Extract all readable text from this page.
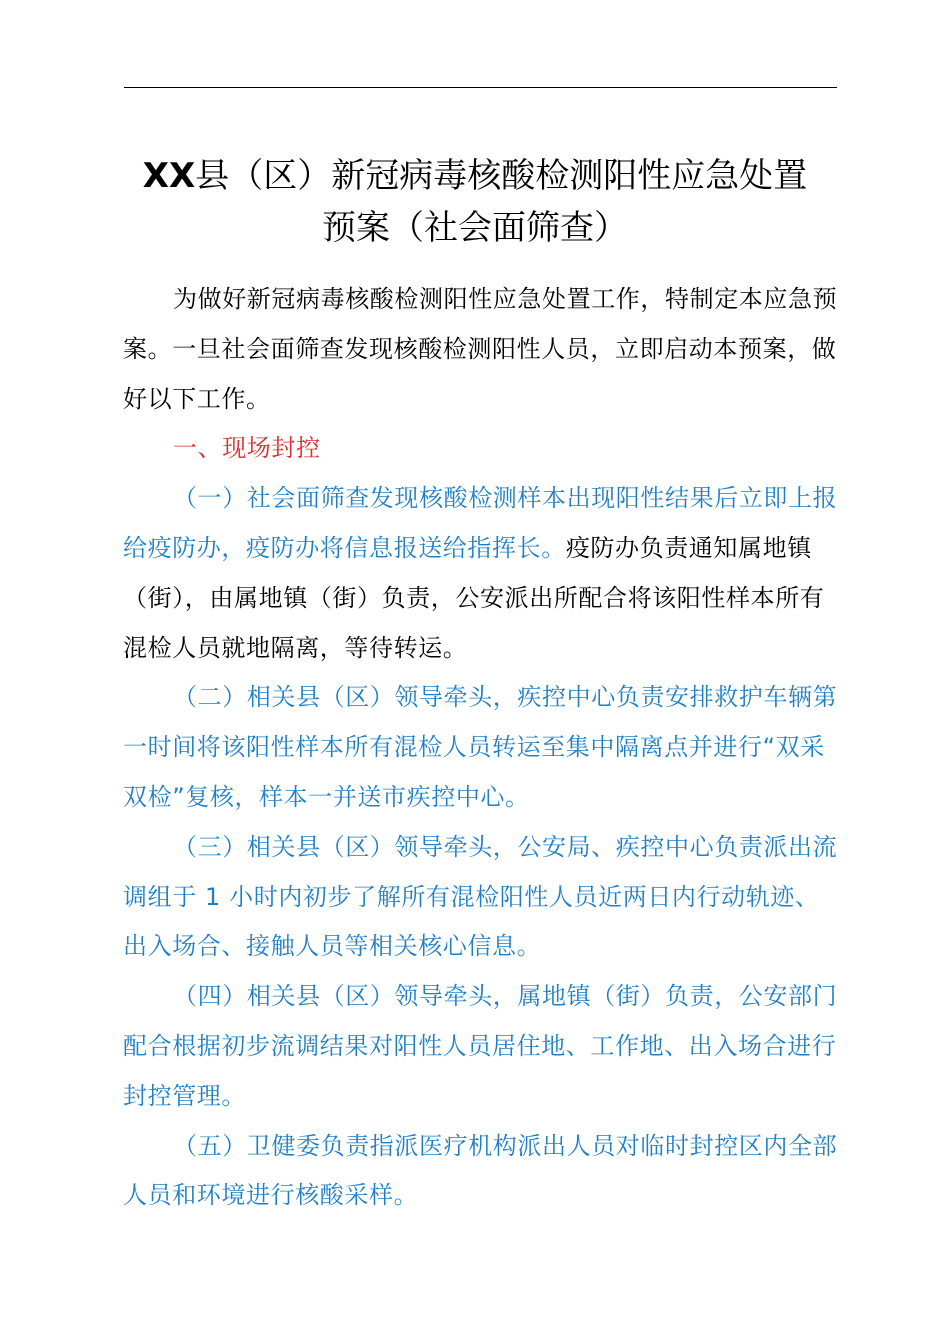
XX县（区）新冠病毒核酸检测阳性应急处置
预案（社会面筛查）

为做好新冠病毒核酸检测阳性应急处置工作，特制定本应急预案。一旦社会面筛查发现核酸检测阳性人员，立即启动本预案，做好以下工作。

一、现场封控

（一）社会面筛查发现核酸检测样本出现阳性结果后立即上报给疫防办，疫防办将信息报送给指挥长。疫防办负责通知属地镇（街），由属地镇（街）负责，公安派出所配合将该阳性样本所有混检人员就地隔离，等待转运。

（二）相关县（区）领导牵头，疾控中心负责安排救护车辆第一时间将该阳性样本所有混检人员转运至集中隔离点并进行“双采双检”复核，样本一并送市疾控中心。

（三）相关县（区）领导牵头，公安局、疾控中心负责派出流调组于 1 小时内初步了解所有混检阳性人员近两日内行动轨迹、出入场合、接触人员等相关核心信息。

（四）相关县（区）领导牵头，属地镇（街）负责，公安部门配合根据初步流调结果对阳性人员居住地、工作地、出入场合进行封控管理。

（五）卫健委负责指派医疗机构派出人员对临时封控区内全部人员和环境进行核酸采样。
